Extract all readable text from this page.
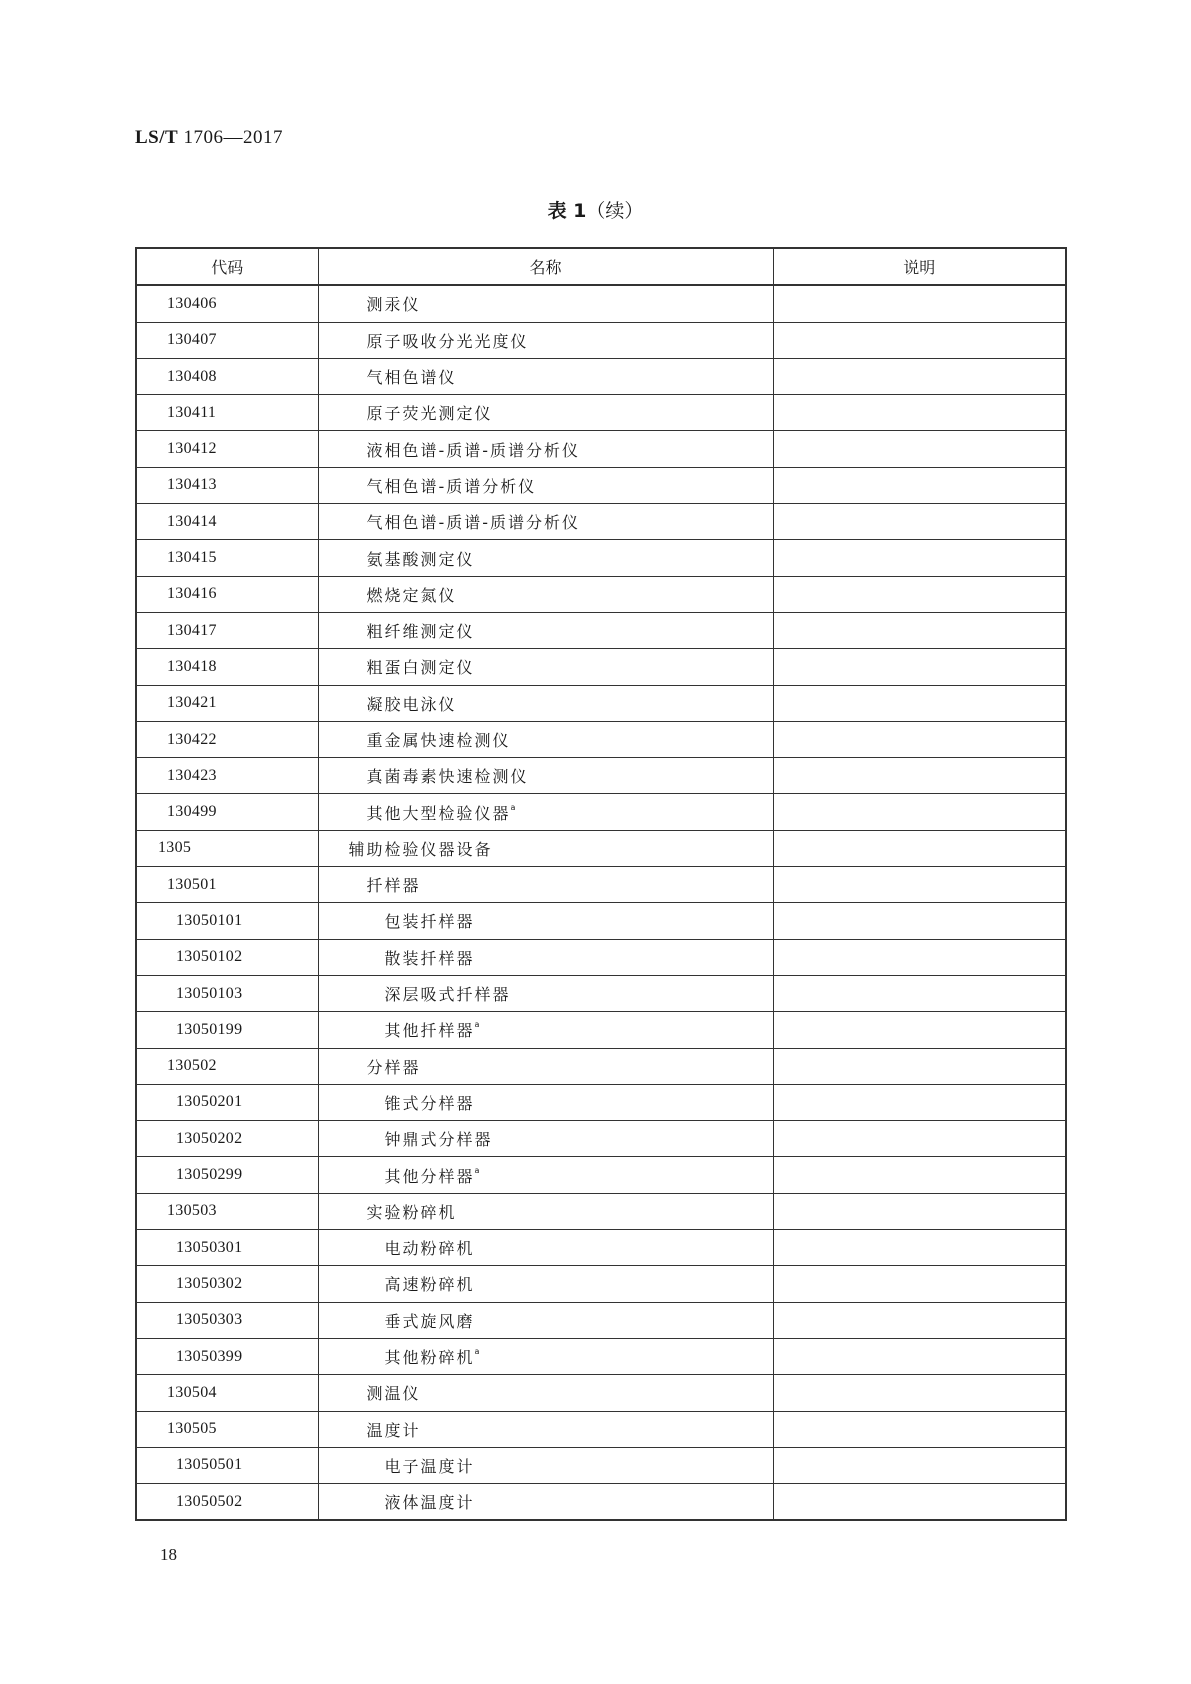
LS/T 1706—2017
表 1（续）
代码	名称	说明
130406	测汞仪	
130407	原子吸收分光光度仪	
130408	气相色谱仪	
130411	原子荧光测定仪	
130412	液相色谱-质谱-质谱分析仪	
130413	气相色谱-质谱分析仪	
130414	气相色谱-质谱-质谱分析仪	
130415	氨基酸测定仪	
130416	燃烧定氮仪	
130417	粗纤维测定仪	
130418	粗蛋白测定仪	
130421	凝胶电泳仪	
130422	重金属快速检测仪	
130423	真菌毒素快速检测仪	
130499	其他大型检验仪器$^a$	
1305	辅助检验仪器设备	
130501	扦样器	
13050101	包装扦样器	
13050102	散装扦样器	
13050103	深层吸式扦样器	
13050199	其他扦样器$^a$	
130502	分样器	
13050201	锥式分样器	
13050202	钟鼎式分样器	
13050299	其他分样器$^a$	
130503	实验粉碎机	
13050301	电动粉碎机	
13050302	高速粉碎机	
13050303	垂式旋风磨	
13050399	其他粉碎机$^a$	
130504	测温仪	
130505	温度计	
13050501	电子温度计	
13050502	液体温度计	
18
